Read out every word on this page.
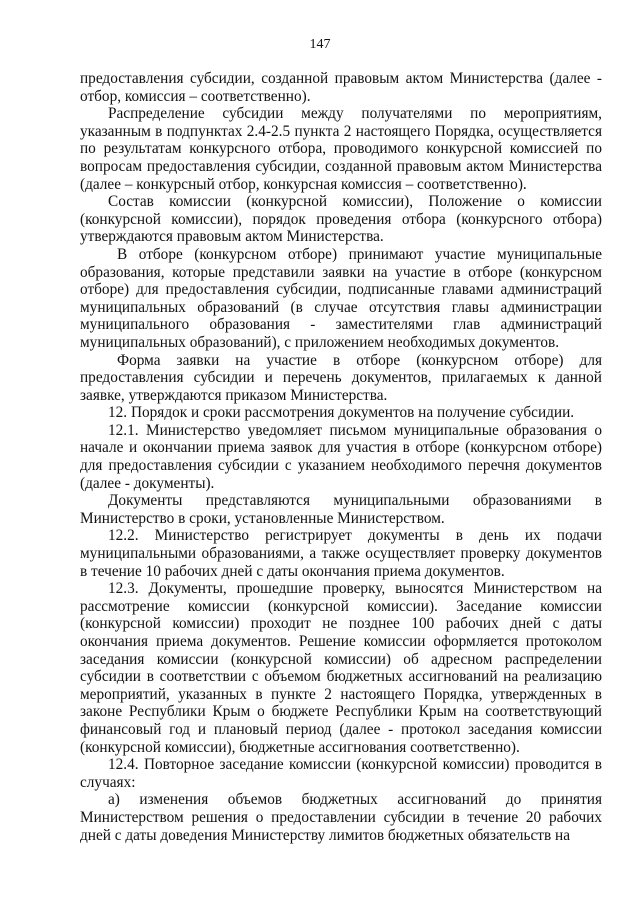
147

предоставления субсидии, созданной правовым актом Министерства (далее - отбор, комиссия – соответственно).

Распределение субсидии между получателями по мероприятиям, указанным в подпунктах 2.4-2.5 пункта 2 настоящего Порядка, осуществляется по результатам конкурсного отбора, проводимого конкурсной комиссией по вопросам предоставления субсидии, созданной правовым актом Министерства (далее – конкурсный отбор, конкурсная комиссия – соответственно).

Состав комиссии (конкурсной комиссии), Положение о комиссии (конкурсной комиссии), порядок проведения отбора (конкурсного отбора) утверждаются правовым актом Министерства.

В отборе (конкурсном отборе) принимают участие муниципальные образования, которые представили заявки на участие в отборе (конкурсном отборе) для предоставления субсидии, подписанные главами администраций муниципальных образований (в случае отсутствия главы администрации муниципального образования - заместителями глав администраций муниципальных образований), с приложением необходимых документов.

Форма заявки на участие в отборе (конкурсном отборе) для предоставления субсидии и перечень документов, прилагаемых к данной заявке, утверждаются приказом Министерства.

12. Порядок и сроки рассмотрения документов на получение субсидии.

12.1. Министерство уведомляет письмом муниципальные образования о начале и окончании приема заявок для участия в отборе (конкурсном отборе) для предоставления субсидии с указанием необходимого перечня документов (далее - документы).

Документы представляются муниципальными образованиями в Министерство в сроки, установленные Министерством.

12.2. Министерство регистрирует документы в день их подачи муниципальными образованиями, а также осуществляет проверку документов в течение 10 рабочих дней с даты окончания приема документов.

12.3. Документы, прошедшие проверку, выносятся Министерством на рассмотрение комиссии (конкурсной комиссии). Заседание комиссии (конкурсной комиссии) проходит не позднее 100 рабочих дней с даты окончания приема документов. Решение комиссии оформляется протоколом заседания комиссии (конкурсной комиссии) об адресном распределении субсидии в соответствии с объемом бюджетных ассигнований на реализацию мероприятий, указанных в пункте 2 настоящего Порядка, утвержденных в законе Республики Крым о бюджете Республики Крым на соответствующий финансовый год и плановый период (далее - протокол заседания комиссии (конкурсной комиссии), бюджетные ассигнования соответственно).

12.4. Повторное заседание комиссии (конкурсной комиссии) проводится в случаях:

а) изменения объемов бюджетных ассигнований до принятия Министерством решения о предоставлении субсидии в течение 20 рабочих дней с даты доведения Министерству лимитов бюджетных обязательств на
